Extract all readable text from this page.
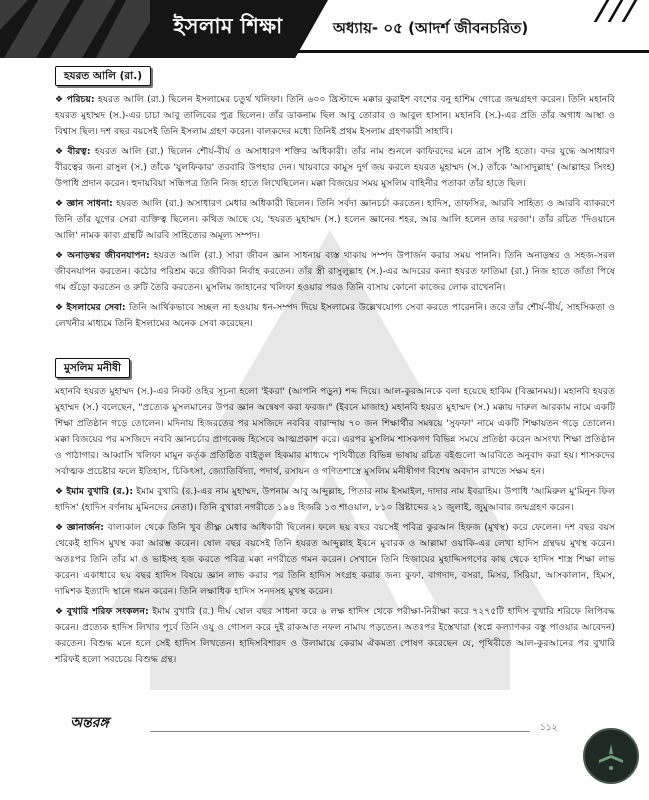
ইসলাম শিক্ষা	অধ্যায়- ০৫ (আদর্শ জীবনচরিত)
হযরত আলি (রা.)

❖ পরিচয়: হযরত আলি (রা.) ছিলেন ইসলামের চতুর্থ খলিফা। তিনি ৬০০ খ্রিস্টাব্দে মক্কার কুরাইশ বংশের বনু হাশিম গোত্রে জন্মগ্রহণ করেন। তিনি মহানবি হযরত মুহাম্মদ (স.)-এর চাচা আবু তালিবের পুত্র ছিলেন। তাঁর ডাকনাম ছিল আবু তোরাব ও আবুল হাসান। মহানবি (স.)-এর প্রতি তাঁর অগাধ আস্থা ও বিশ্বাস ছিল। দশ বছর বয়সেই তিনি ইসলাম গ্রহণ করেন। বালকদের মধ্যে তিনিই প্রথম ইসলাম গ্রহণকারী সাহাবি।

❖ বীরত্ব: হযরত আলি (রা.) ছিলেন শৌর্য-বীর্য ও অসাধারণ শক্তির অধিকারী। তাঁর নাম শুনলে কাফিরদের মনে ত্রাস সৃষ্টি হতো। বদর যুদ্ধে অসাধারণ বীরত্বের জন্য রাসুল (স.) তাঁকে 'যুলফিকার' তরবারি উপহার দেন। খায়বারে কামুস দুর্গ জয় করলে হযরত মুহাম্মদ (স.) তাঁকে 'আসাদুল্লাহ' (আল্লাহর সিংহ) উপাধি প্রদান করেন। হুদায়বিয়া সন্ধিপত্র তিনি নিজ হাতে লিখেছিলেন। মক্কা বিজয়ের সময় মুসলিম বাহিনীর পতাকা তাঁর হাতে ছিল।

❖ জ্ঞান সাধনা: হযরত আলি (রা.) অসাধারণ মেধার অধিকারী ছিলেন। তিনি সর্বদা জ্ঞানচর্চা করতেন। হাদিস, তাফসির, আরবি সাহিত্য ও আরবি ব্যাকরণে তিনি তাঁর যুগের সেরা ব্যক্তিত্ব ছিলেন। কথিত আছে যে, 'হযরত মুহাম্মদ (স.) হলেন জ্ঞানের শহর, আর আলি হলেন তার দরজা'। তাঁর রচিত 'দিওয়ানে আলি' নামক কাব্য গ্রন্থটি আরবি সাহিত্যের অমূল্য সম্পদ।

❖ অনাড়ম্বর জীবনযাপন: হযরত আলি (রা.) সারা জীবন জ্ঞান সাধনায় ব্যস্ত থাকায় সম্পদ উপার্জন করার সময় পাননি। তিনি অনাড়ম্বর ও সহজ-সরল জীবনযাপন করতেন। কঠোর পরিশ্রম করে জীবিকা নির্বাহ করতেন। তাঁর স্ত্রী রাসুলুল্লাহ (স.)-এর আদরের কন্যা হযরত ফাতিমা (রা.) নিজ হাতে জাঁতা পিষে গম গুঁড়ো করতেন ও রুটি তৈরি করতেন। মুসলিম জাহানের খলিফা হওয়ার পরও তিনি বাসায় কোনো কাজের লোক রাখেননি।

❖ ইসলামের সেবা: তিনি আর্থিকভাবে সচ্ছল না হওয়ায় ধন-সম্পদ দিয়ে ইসলামের উল্লেখযোগ্য সেবা করতে পারেননি। তবে তাঁর শৌর্য-বীর্য, সাহসিকতা ও লেখনীর মাধ্যমে তিনি ইসলামের অনেক সেবা করেছেন।

মুসলিম মনীষী

মহানবি হযরত মুহাম্মদ (স.)-এর নিকট ওহির সূচনা হলো 'ইকরা' (আপনি পড়ুন) শব্দ দিয়ে। আল-কুরআনকে বলা হয়েছে হাকিম (বিজ্ঞানময়)। মহানবি হযরত মুহাম্মদ (স.) বলেছেন, "প্রত্যেক মুসলমানের উপর জ্ঞান অন্বেষণ করা ফরজ।" (ইবনে মাজাহ) মহানবি হযরত মুহাম্মদ (স.) মক্কায় দারুল আরকাম নামে একটি শিক্ষা প্রতিষ্ঠান গড়ে তোলেন। মদিনায় হিজরতের পর মসজিদে নববির বারান্দায় ৭০ জন শিক্ষার্থীর সমন্বয়ে 'সুফফা' নামে একটি শিক্ষায়তন গড়ে তোলেন। মক্কা বিজয়ের পর মসজিদে নববি জ্ঞানচর্চার প্রাণকেন্দ্র হিসেবে আত্মপ্রকাশ করে। এরপর মুসলিম শাসকগণ বিভিন্ন সময়ে প্রতিষ্ঠা করেন অসংখ্য শিক্ষা প্রতিষ্ঠান ও পাঠাগার। আব্বাসি খলিফা মামুন কর্তৃক প্রতিষ্ঠিত বাইতুল হিকমার মাধ্যমে পৃথিবীতে বিভিন্ন ভাষায় রচিত বইগুলো আরবিতে অনুবাদ করা হয়। শাসকদের সর্বাত্মক প্রচেষ্টার ফলে ইতিহাস, চিকিৎসা, জ্যোতির্বিদ্যা, পদার্থ, রসায়ন ও গণিতশাস্ত্রে মুসলিম মনীষীগণ বিশেষ অবদান রাখতে সক্ষম হন।

❖ ইমাম বুখারি (র.): ইমাম বুখারি (র.)-এর নাম মুহাম্মদ, উপনাম আবু আব্দুল্লাহ, পিতার নাম ইসমাইল, দাদার নাম ইবরাহিম। উপাধি 'আমিরুল মু'মিনুন ফিল হাদিস' (হাদিস বর্ণনায় মুমিনদের নেতা)। তিনি বুখারা নগরীতে ১৯৪ হিজরি ১৩ শাওয়াল, ৮১০ খ্রিষ্টাব্দের ২১ জুলাই, জুমুআবার জন্মগ্রহণ করেন।

❖ জ্ঞানার্জন: বাল্যকাল থেকে তিনি খুব তীক্ষ্ণ মেধার অধিকারী ছিলেন। ফলে ছয় বছর বয়সেই পবিত্র কুরআন হিফজ (মুখস্থ) করে ফেলেন। দশ বছর বয়স থেকেই হাদিস মুখস্থ করা আরম্ভ করেন। ষোল বছর বয়সেই তিনি হযরত আব্দুল্লাহ ইবনে মুবারক ও আল্লামা ওয়াকি-এর লেখা হাদিস গ্রন্থদ্বয় মুখস্থ করেন। অতঃপর তিনি তাঁর মা ও ভাইসহ হজ করতে পবিত্র মক্কা নগরীতে গমন করেন। সেখানে তিনি হিজাযের মুহাদ্দিসগণের কাছ থেকে হাদিস শাস্ত্র শিক্ষা লাভ করেন। একাধারে ছয় বছর হাদিস বিষয়ে জ্ঞান লাভ করার পর তিনি হাদিস সংগ্রহ করার জন্য কুফা, বাগদাদ, বসরা, মিসর, সিরিয়া, আসকালান, হিমস, দামিশক ইত্যাদি স্থানে গমন করেন। তিনি লক্ষাধিক হাদিস সনদসহ মুখস্থ করেন।

❖ বুখারি শরিফ সংকলন: ইমাম বুখারি (র.) দীর্ঘ ষোল বছর সাধনা করে ৬ লক্ষ হাদিস থেকে পরীক্ষা-নিরীক্ষা করে ৭২৭৫টি হাদিস বুখারি শরিফে লিপিবদ্ধ করেন। প্রত্যেক হাদিস লিখার পূর্বে তিনি ওযু ও গোসল করে দুই রাকআত নফল নামায পড়তেন। অতঃপর ইস্তেখারা (স্বপ্নে কল্যাণকর বস্তু পাওয়ার আবেদন) করতেন। বিশুদ্ধ মনে হলে সেই হাদিস লিখতেন। হাদিসবিশারদ ও উলামায়ে কেরাম ঐকমত্য পোষণ করেছেন যে, পৃথিবীতে আল-কুরআনের পর বুখারি শরিফই হলো সবচেয়ে বিশুদ্ধ গ্রন্থ।

অন্তরঙ্গ	১১২
